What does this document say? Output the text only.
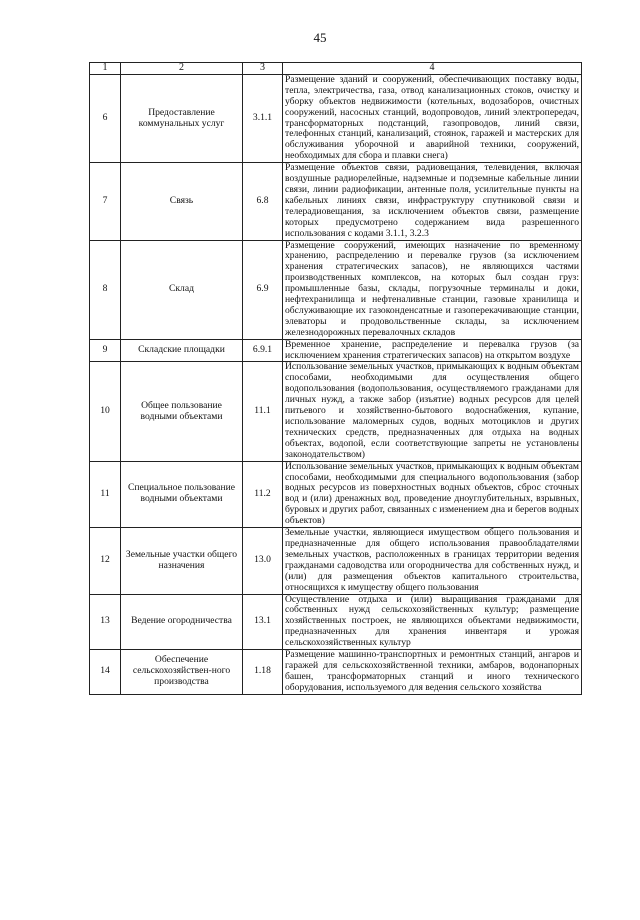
45
1	2	3	4
6	Предоставление коммунальных услуг	3.1.1	Размещение зданий и сооружений, обеспечивающих поставку воды, тепла, электричества, газа, отвод канализационных стоков, очистку и уборку объектов недвижимости (котельных, водозаборов, очистных сооружений, насосных станций, водопроводов, линий электропередач, трансформаторных подстанций, газопроводов, линий связи, телефонных станций, канализаций, стоянок, гаражей и мастерских для обслуживания уборочной и аварийной техники, сооружений, необходимых для сбора и плавки снега)
7	Связь	6.8	Размещение объектов связи, радиовещания, телевидения, включая воздушные радиорелейные, надземные и подземные кабельные линии связи, линии радиофикации, антенные поля, усилительные пункты на кабельных линиях связи, инфраструктуру спутниковой связи и телерадиовещания, за исключением объектов связи, размещение которых предусмотрено содержанием вида разрешенного использования с кодами 3.1.1, 3.2.3
8	Склад	6.9	Размещение сооружений, имеющих назначение по временному хранению, распределению и перевалке грузов (за исключением хранения стратегических запасов), не являющихся частями производственных комплексов, на которых был создан груз: промышленные базы, склады, погрузочные терминалы и доки, нефтехранилища и нефтеналивные станции, газовые хранилища и обслуживающие их газоконденсатные и газоперекачивающие станции, элеваторы и продовольственные склады, за исключением железнодорожных перевалочных складов
9	Складские площадки	6.9.1	Временное хранение, распределение и перевалка грузов (за исключением хранения стратегических запасов) на открытом воздухе
10	Общее пользование водными объектами	11.1	Использование земельных участков, примыкающих к водным объектам способами, необходимыми для осуществления общего водопользования (водопользования, осуществляемого гражданами для личных нужд, а также забор (изъятие) водных ресурсов для целей питьевого и хозяйственно-бытового водоснабжения, купание, использование маломерных судов, водных мотоциклов и других технических средств, предназначенных для отдыха на водных объектах, водопой, если соответствующие запреты не установлены законодательством)
11	Специальное пользование водными объектами	11.2	Использование земельных участков, примыкающих к водным объектам способами, необходимыми для специального водопользования (забор водных ресурсов из поверхностных водных объектов, сброс сточных вод и (или) дренажных вод, проведение дноуглубительных, взрывных, буровых и других работ, связанных с изменением дна и берегов водных объектов)
12	Земельные участки общего назначения	13.0	Земельные участки, являющиеся имуществом общего пользования и предназначенные для общего использования правообладателями земельных участков, расположенных в границах территории ведения гражданами садоводства или огородничества для собственных нужд, и (или) для размещения объектов капитального строительства, относящихся к имуществу общего пользования
13	Ведение огородничества	13.1	Осуществление отдыха и (или) выращивания гражданами для собственных нужд сельскохозяйственных культур; размещение хозяйственных построек, не являющихся объектами недвижимости, предназначенных для хранения инвентаря и урожая сельскохозяйственных культур
14	Обеспечение сельскохозяйствен-ного производства	1.18	Размещение машинно-транспортных и ремонтных станций, ангаров и гаражей для сельскохозяйственной техники, амбаров, водонапорных башен, трансформаторных станций и иного технического оборудования, используемого для ведения сельского хозяйства
